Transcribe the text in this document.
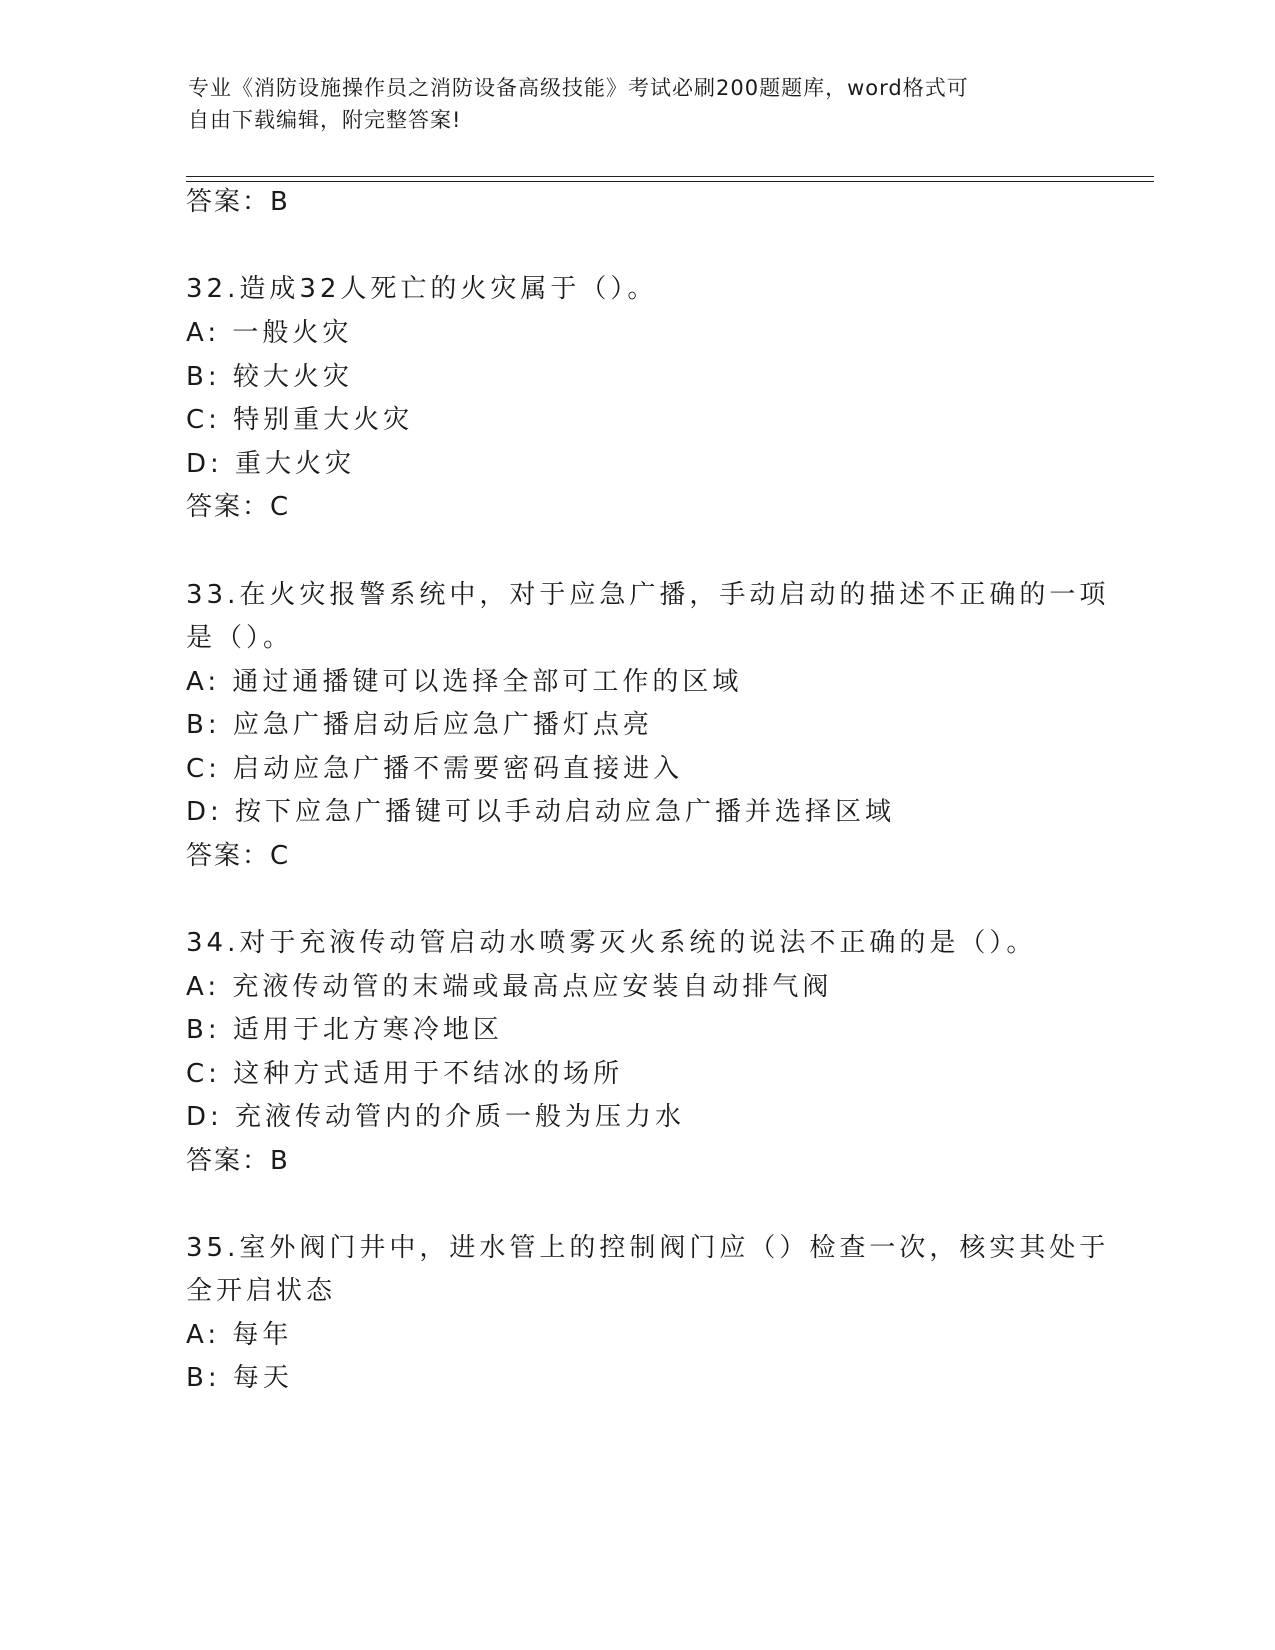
专业《消防设施操作员之消防设备高级技能》考试必刷200题题库，word格式可
自由下载编辑，附完整答案!
答案：B
32.造成32人死亡的火灾属于（）。
A: 一般火灾
B: 较大火灾
C: 特别重大火灾
D: 重大火灾
答案：C
33.在火灾报警系统中，对于应急广播，手动启动的描述不正确的一项
是（）。
A: 通过通播键可以选择全部可工作的区域
B: 应急广播启动后应急广播灯点亮
C: 启动应急广播不需要密码直接进入
D: 按下应急广播键可以手动启动应急广播并选择区域
答案：C
34.对于充液传动管启动水喷雾灭火系统的说法不正确的是（）。
A: 充液传动管的末端或最高点应安装自动排气阀
B: 适用于北方寒冷地区
C: 这种方式适用于不结冰的场所
D: 充液传动管内的介质一般为压力水
答案：B
35.室外阀门井中，进水管上的控制阀门应（）检查一次，核实其处于
全开启状态
A: 每年
B: 每天
